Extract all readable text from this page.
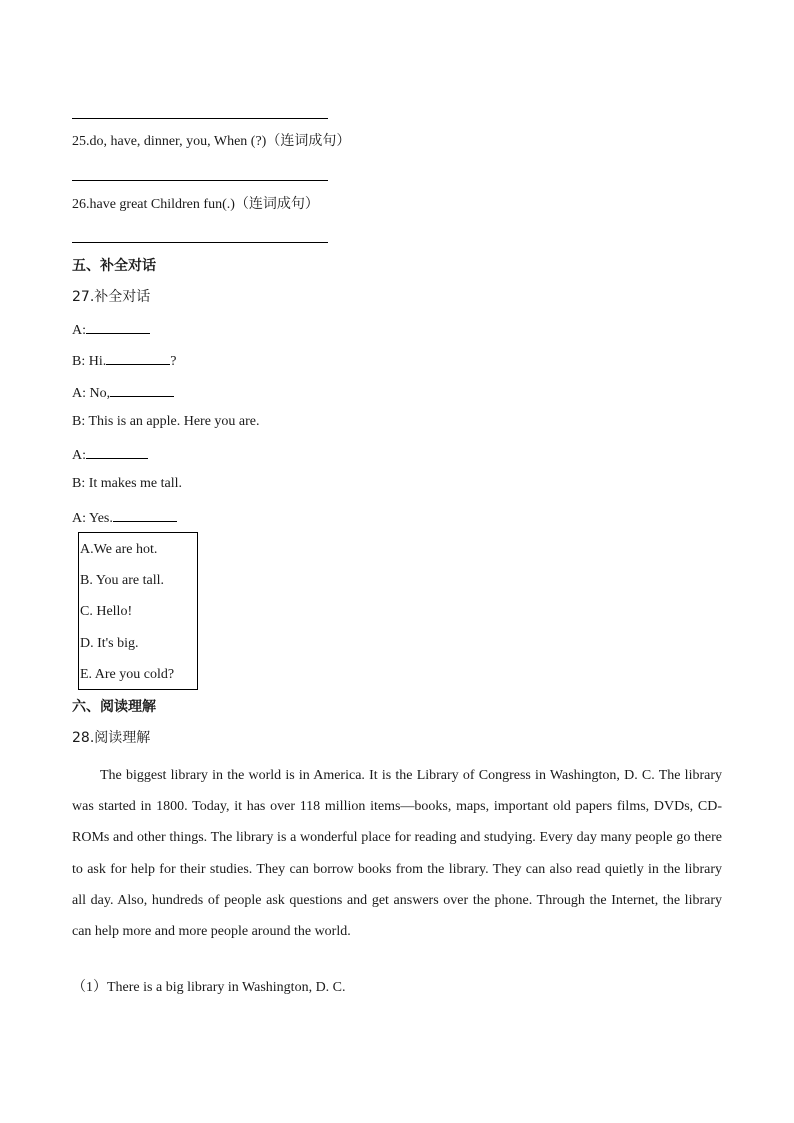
25.do, have, dinner, you, When (?)（连词成句）
26.have great Children fun(.)（连词成句）
五、补全对话
27.补全对话
A:
B: Hi.	?
A: No,
B: This is an apple. Here you are.
A:
B: It makes me tall.
A: Yes.
A.We are hot.
B. You are tall.
C. Hello!
D. It's big.
E. Are you cold?
六、阅读理解
28.阅读理解
The biggest library in the world is in America. It is the Library of Congress in Washington, D. C. The library was started in 1800. Today, it has over 118 million items—books, maps, important old papers films, DVDs, CD-ROMs and other things. The library is a wonderful place for reading and studying. Every day many people go there to ask for help for their studies. They can borrow books from the library. They can also read quietly in the library all day. Also, hundreds of people ask questions and get answers over the phone. Through the Internet, the library can help more and more people around the world.
（1）There is a big library in Washington, D. C.
